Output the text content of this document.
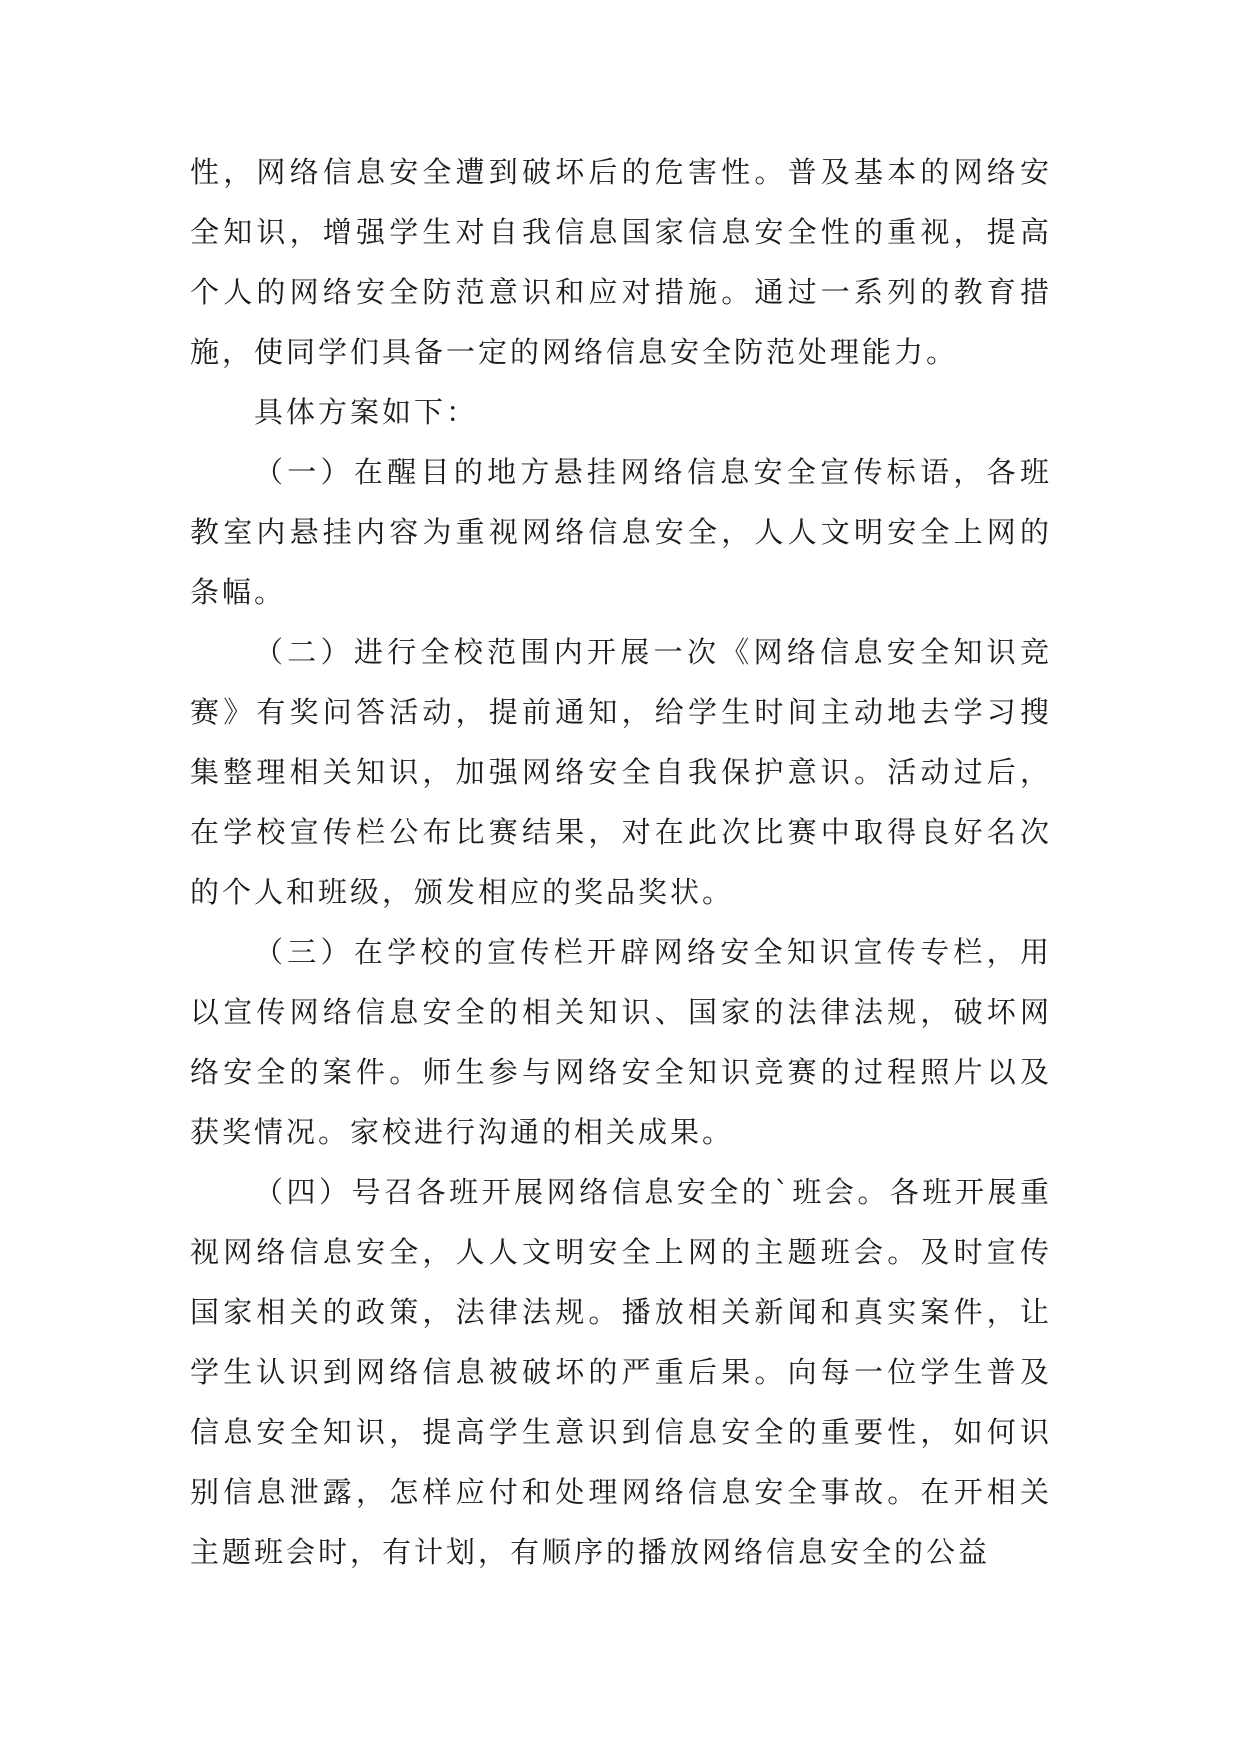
性，网络信息安全遭到破坏后的危害性。普及基本的网络安全知识，增强学生对自我信息国家信息安全性的重视，提高个人的网络安全防范意识和应对措施。通过一系列的教育措施，使同学们具备一定的网络信息安全防范处理能力。

具体方案如下：

（一）在醒目的地方悬挂网络信息安全宣传标语，各班教室内悬挂内容为重视网络信息安全，人人文明安全上网的条幅。

（二）进行全校范围内开展一次《网络信息安全知识竞赛》有奖问答活动，提前通知，给学生时间主动地去学习搜集整理相关知识，加强网络安全自我保护意识。活动过后，在学校宣传栏公布比赛结果，对在此次比赛中取得良好名次的个人和班级，颁发相应的奖品奖状。

（三）在学校的宣传栏开辟网络安全知识宣传专栏，用以宣传网络信息安全的相关知识、国家的法律法规，破坏网络安全的案件。师生参与网络安全知识竞赛的过程照片以及获奖情况。家校进行沟通的相关成果。

（四）号召各班开展网络信息安全的`班会。各班开展重视网络信息安全，人人文明安全上网的主题班会。及时宣传国家相关的政策，法律法规。播放相关新闻和真实案件，让学生认识到网络信息被破坏的严重后果。向每一位学生普及信息安全知识，提高学生意识到信息安全的重要性，如何识别信息泄露，怎样应付和处理网络信息安全事故。在开相关主题班会时，有计划，有顺序的播放网络信息安全的公益
